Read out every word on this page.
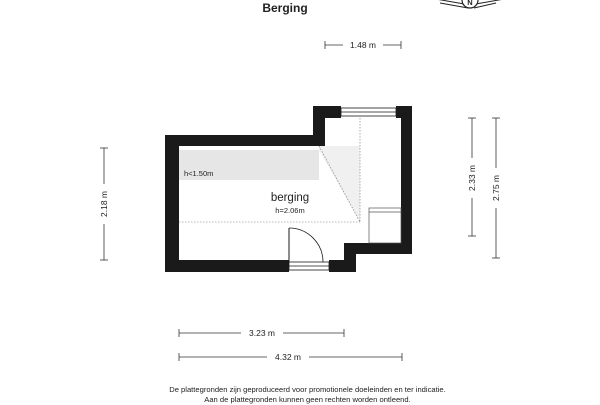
Berging	N
h<1.50m
berging
h=2.06m
1.48 m
2.18 m
2.33 m 2.75 m
3.23 m
4.32 m
De plattegronden zijn geproduceerd voor promotionele doeleinden en ter indicatie.
Aan de plattegronden kunnen geen rechten worden ontleend.
